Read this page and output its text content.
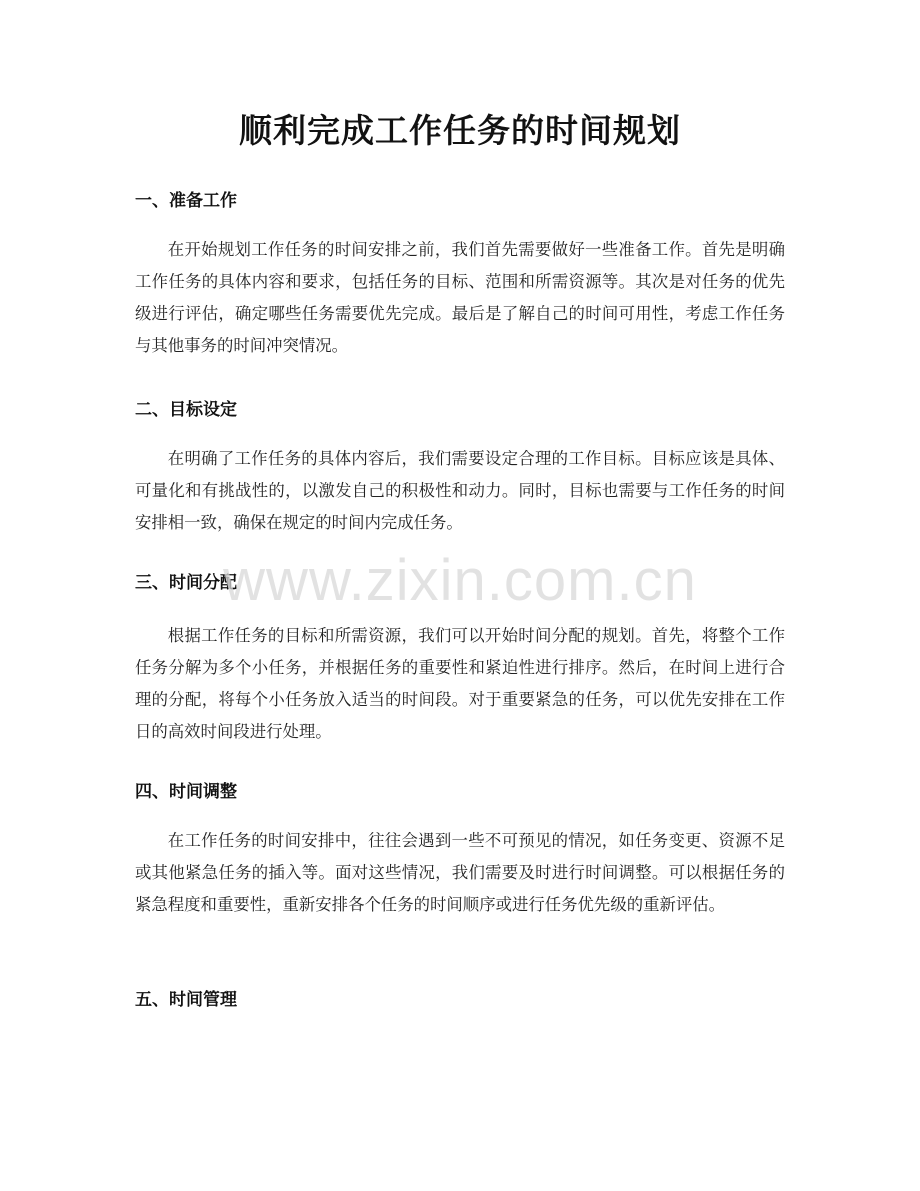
顺利完成工作任务的时间规划
一、准备工作
在开始规划工作任务的时间安排之前，我们首先需要做好一些准备工作。首先是明确工作任务的具体内容和要求，包括任务的目标、范围和所需资源等。其次是对任务的优先级进行评估，确定哪些任务需要优先完成。最后是了解自己的时间可用性，考虑工作任务与其他事务的时间冲突情况。
二、目标设定
在明确了工作任务的具体内容后，我们需要设定合理的工作目标。目标应该是具体、可量化和有挑战性的，以激发自己的积极性和动力。同时，目标也需要与工作任务的时间安排相一致，确保在规定的时间内完成任务。
三、时间分配
根据工作任务的目标和所需资源，我们可以开始时间分配的规划。首先，将整个工作任务分解为多个小任务，并根据任务的重要性和紧迫性进行排序。然后，在时间上进行合理的分配，将每个小任务放入适当的时间段。对于重要紧急的任务，可以优先安排在工作日的高效时间段进行处理。
四、时间调整
在工作任务的时间安排中，往往会遇到一些不可预见的情况，如任务变更、资源不足或其他紧急任务的插入等。面对这些情况，我们需要及时进行时间调整。可以根据任务的紧急程度和重要性，重新安排各个任务的时间顺序或进行任务优先级的重新评估。
五、时间管理
www.zixin.com.cn
